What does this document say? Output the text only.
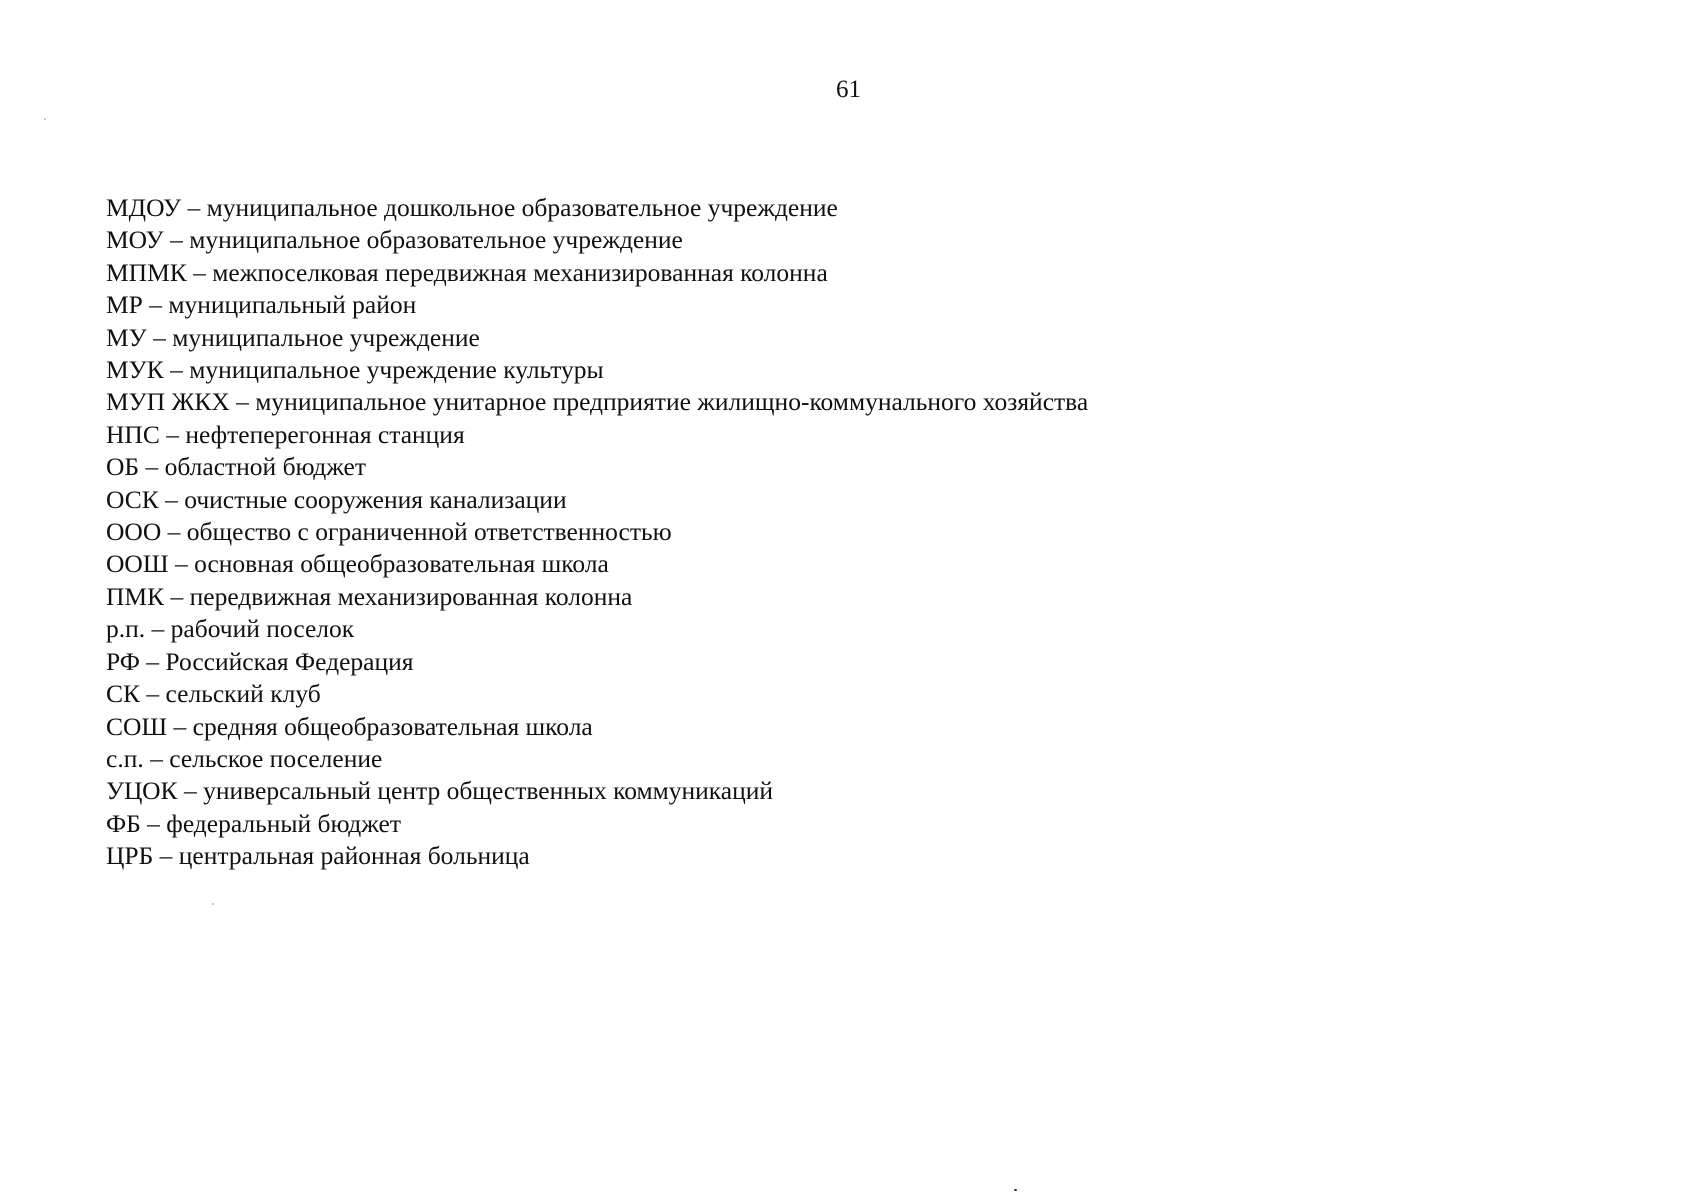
61
МДОУ – муниципальное дошкольное образовательное учреждение
МОУ – муниципальное образовательное учреждение
МПМК – межпоселковая передвижная механизированная колонна
МР – муниципальный район
МУ – муниципальное учреждение
МУК – муниципальное учреждение культуры
МУП ЖКХ – муниципальное унитарное предприятие жилищно-коммунального хозяйства
НПС – нефтеперегонная станция
ОБ – областной бюджет
ОСК – очистные сооружения канализации
ООО – общество с ограниченной ответственностью
ООШ – основная общеобразовательная школа
ПМК – передвижная механизированная колонна
р.п. – рабочий поселок
РФ – Российская Федерация
СК – сельский клуб
СОШ – средняя общеобразовательная школа
с.п. – сельское поселение
УЦОК – универсальный центр общественных коммуникаций
ФБ – федеральный бюджет
ЦРБ – центральная районная больница
